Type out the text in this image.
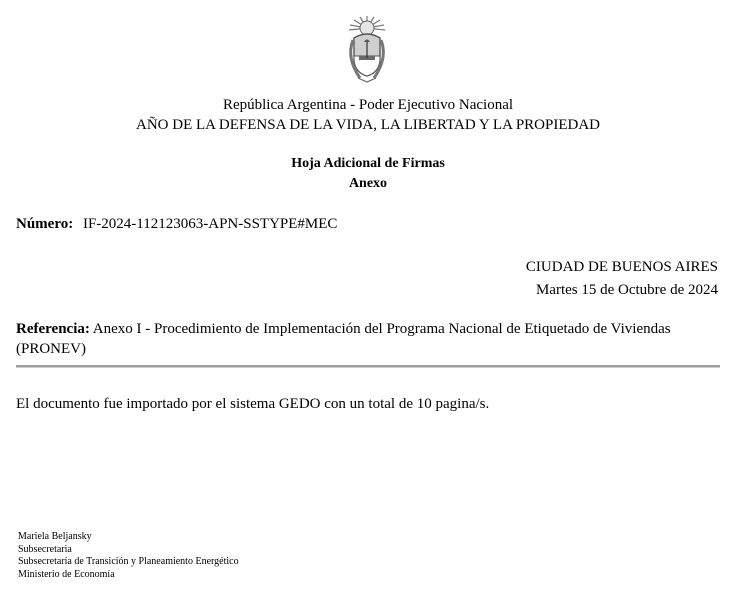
República Argentina - Poder Ejecutivo Nacional
AÑO DE LA DEFENSA DE LA VIDA, LA LIBERTAD Y LA PROPIEDAD
Hoja Adicional de Firmas
Anexo
Número: IF-2024-112123063-APN-SSTYPE#MEC
CIUDAD DE BUENOS AIRES
Martes 15 de Octubre de 2024
Referencia: Anexo I - Procedimiento de Implementación del Programa Nacional de Etiquetado de Viviendas (PRONEV)
El documento fue importado por el sistema GEDO con un total de 10 pagina/s.
Mariela Beljansky
Subsecretaria
Subsecretaría de Transición y Planeamiento Energético
Ministerio de Economía
